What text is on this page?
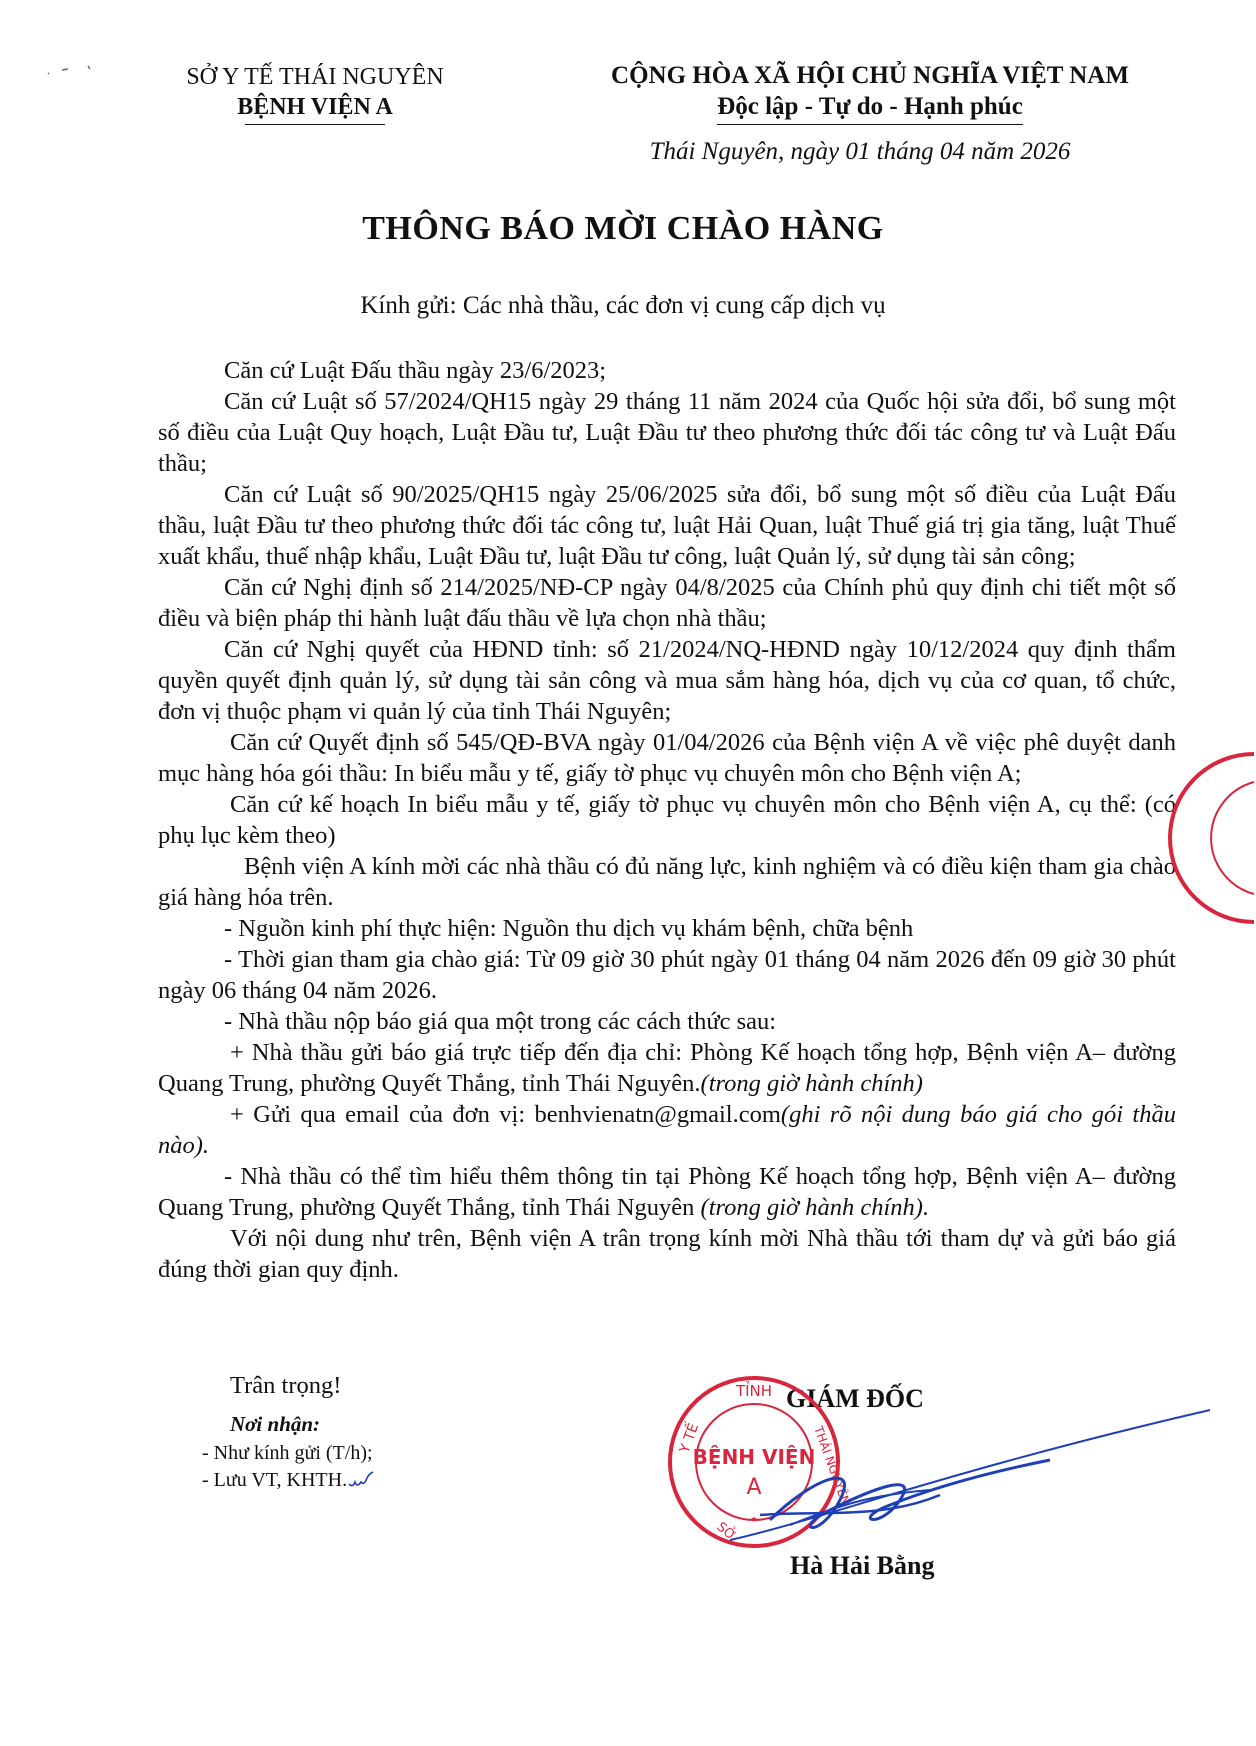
SỞ Y TẾ THÁI NGUYÊN
BỆNH VIỆN A
CỘNG HÒA XÃ HỘI CHỦ NGHĨA VIỆT NAM
Độc lập - Tự do - Hạnh phúc
Thái Nguyên, ngày 01 tháng 04 năm 2026
THÔNG BÁO MỜI CHÀO HÀNG
Kính gửi: Các nhà thầu, các đơn vị cung cấp dịch vụ

Căn cứ Luật Đấu thầu ngày 23/6/2023;

Căn cứ Luật số 57/2024/QH15 ngày 29 tháng 11 năm 2024 của Quốc hội sửa đổi, bổ sung một số điều của Luật Quy hoạch, Luật Đầu tư, Luật Đầu tư theo phương thức đối tác công tư và Luật Đấu thầu;

Căn cứ Luật số 90/2025/QH15 ngày 25/06/2025 sửa đổi, bổ sung một số điều của Luật Đấu thầu, luật Đầu tư theo phương thức đối tác công tư, luật Hải Quan, luật Thuế giá trị gia tăng, luật Thuế xuất khẩu, thuế nhập khẩu, Luật Đầu tư, luật Đầu tư công, luật Quản lý, sử dụng tài sản công;

Căn cứ Nghị định số 214/2025/NĐ-CP ngày 04/8/2025 của Chính phủ quy định chi tiết một số điều và biện pháp thi hành luật đấu thầu về lựa chọn nhà thầu;

Căn cứ Nghị quyết của HĐND tỉnh: số 21/2024/NQ-HĐND ngày 10/12/2024 quy định thẩm quyền quyết định quản lý, sử dụng tài sản công và mua sắm hàng hóa, dịch vụ của cơ quan, tổ chức, đơn vị thuộc phạm vi quản lý của tỉnh Thái Nguyên;

Căn cứ Quyết định số 545/QĐ-BVA ngày 01/04/2026 của Bệnh viện A về việc phê duyệt danh mục hàng hóa gói thầu: In biểu mẫu y tế, giấy tờ phục vụ chuyên môn cho Bệnh viện A;

Căn cứ kế hoạch In biểu mẫu y tế, giấy tờ phục vụ chuyên môn cho Bệnh viện A, cụ thể: (có phụ lục kèm theo)

Bệnh viện A kính mời các nhà thầu có đủ năng lực, kinh nghiệm và có điều kiện tham gia chào giá hàng hóa trên.

- Nguồn kinh phí thực hiện: Nguồn thu dịch vụ khám bệnh, chữa bệnh

- Thời gian tham gia chào giá: Từ 09 giờ 30 phút ngày 01 tháng 04 năm 2026 đến 09 giờ 30 phút ngày 06 tháng 04 năm 2026.

- Nhà thầu nộp báo giá qua một trong các cách thức sau:

+ Nhà thầu gửi báo giá trực tiếp đến địa chỉ: Phòng Kế hoạch tổng hợp, Bệnh viện A– đường Quang Trung, phường Quyết Thắng, tỉnh Thái Nguyên.(trong giờ hành chính)

+ Gửi qua email của đơn vị: benhvienatn@gmail.com(ghi rõ nội dung báo giá cho gói thầu nào).

- Nhà thầu có thể tìm hiểu thêm thông tin tại Phòng Kế hoạch tổng hợp, Bệnh viện A– đường Quang Trung, phường Quyết Thắng, tỉnh Thái Nguyên (trong giờ hành chính).

Với nội dung như trên, Bệnh viện A trân trọng kính mời Nhà thầu tới tham dự và gửi báo giá đúng thời gian quy định.

Trân trọng!
Nơi nhận:
- Như kính gửi (T/h);
- Lưu VT, KHTH.
GIÁM ĐỐC
TỈNH
Y TẾ	THÁI NGUYÊN
BỆNH VIỆN
A
SỞ
Hà Hải Bằng
